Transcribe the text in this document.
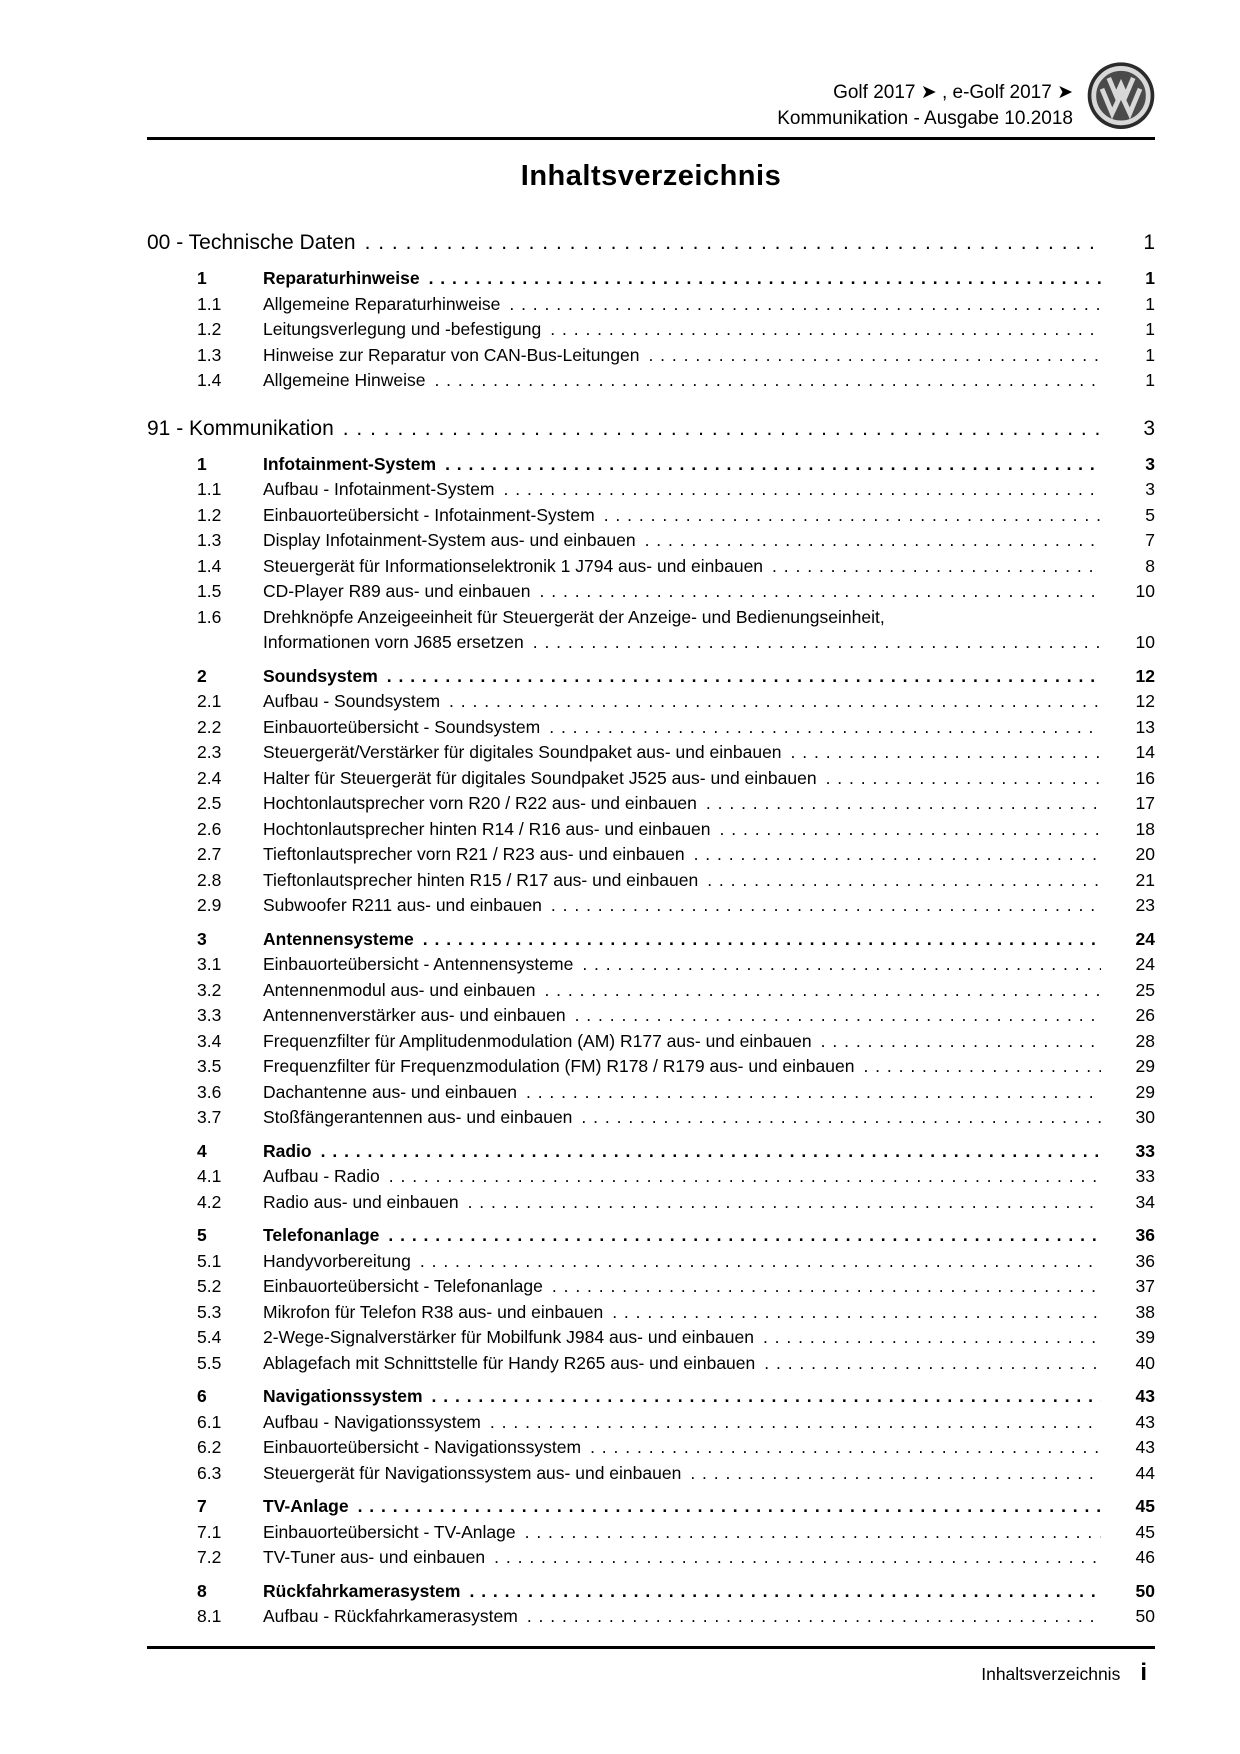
Golf 2017 ➤ , e-Golf 2017 ➤
Kommunikation - Ausgabe 10.2018
Inhaltsverzeichnis
00 - Technische Daten . . .	1
1	Reparaturhinweise . . .	1
1.1	Allgemeine Reparaturhinweise . . .	1
1.2	Leitungsverlegung und -befestigung . . .	1
1.3	Hinweise zur Reparatur von CAN-Bus-Leitungen . . .	1
1.4	Allgemeine Hinweise . . .	1
91 - Kommunikation . . .	3
1	Infotainment-System . . .	3
1.1	Aufbau - Infotainment-System . . .	3
1.2	Einbauorteübersicht - Infotainment-System . . .	5
1.3	Display Infotainment-System aus- und einbauen . . .	7
1.4	Steuergerät für Informationselektronik 1 J794 aus- und einbauen . . .	8
1.5	CD-Player R89 aus- und einbauen . . .	10
1.6	Drehknöpfe Anzeigeeinheit für Steuergerät der Anzeige- und Bedienungseinheit,
Informationen vorn J685 ersetzen . . .	10
2	Soundsystem . . .	12
2.1	Aufbau - Soundsystem . . .	12
2.2	Einbauorteübersicht - Soundsystem . . .	13
2.3	Steuergerät/Verstärker für digitales Soundpaket aus- und einbauen . . .	14
2.4	Halter für Steuergerät für digitales Soundpaket J525 aus- und einbauen . . .	16
2.5	Hochtonlautsprecher vorn R20 / R22 aus- und einbauen . . .	17
2.6	Hochtonlautsprecher hinten R14 / R16 aus- und einbauen . . .	18
2.7	Tieftonlautsprecher vorn R21 / R23 aus- und einbauen . . .	20
2.8	Tieftonlautsprecher hinten R15 / R17 aus- und einbauen . . .	21
2.9	Subwoofer R211 aus- und einbauen . . .	23
3	Antennensysteme . . .	24
3.1	Einbauorteübersicht - Antennensysteme . . .	24
3.2	Antennenmodul aus- und einbauen . . .	25
3.3	Antennenverstärker aus- und einbauen . . .	26
3.4	Frequenzfilter für Amplitudenmodulation (AM) R177 aus- und einbauen . . .	28
3.5	Frequenzfilter für Frequenzmodulation (FM) R178 / R179 aus- und einbauen . . .	29
3.6	Dachantenne aus- und einbauen . . .	29
3.7	Stoßfängerantennen aus- und einbauen . . .	30
4	Radio . . .	33
4.1	Aufbau - Radio . . .	33
4.2	Radio aus- und einbauen . . .	34
5	Telefonanlage . . .	36
5.1	Handyvorbereitung . . .	36
5.2	Einbauorteübersicht - Telefonanlage . . .	37
5.3	Mikrofon für Telefon R38 aus- und einbauen . . .	38
5.4	2-Wege-Signalverstärker für Mobilfunk J984 aus- und einbauen . . .	39
5.5	Ablagefach mit Schnittstelle für Handy R265 aus- und einbauen . . .	40
6	Navigationssystem . . .	43
6.1	Aufbau - Navigationssystem . . .	43
6.2	Einbauorteübersicht - Navigationssystem . . .	43
6.3	Steuergerät für Navigationssystem aus- und einbauen . . .	44
7	TV-Anlage . . .	45
7.1	Einbauorteübersicht - TV-Anlage . . .	45
7.2	TV-Tuner aus- und einbauen . . .	46
8	Rückfahrkamerasystem . . .	50
8.1	Aufbau - Rückfahrkamerasystem . . .	50
Inhaltsverzeichnis i
